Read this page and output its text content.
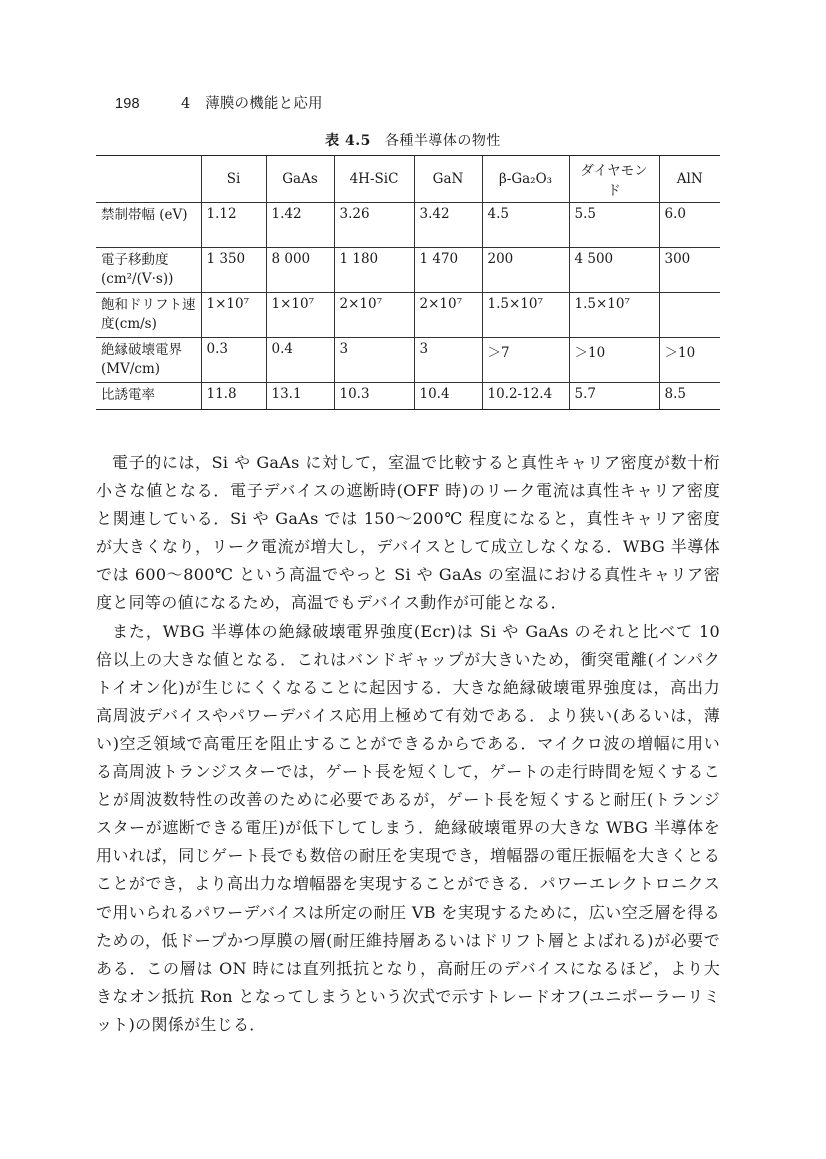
198	4　薄膜の機能と応用
表 4.5 各種半導体の物性
	Si	GaAs	4H-SiC	GaN	β-Ga₂O₃	ダイヤモンド	AlN
禁制帯幅 (eV)	1.12	1.42	3.26	3.42	4.5	5.5	6.0
電子移動度 (cm²/(V·s))	1 350	8 000	1 180	1 470	200	4 500	300
飽和ドリフト速度(cm/s)	1×10⁷	1×10⁷	2×10⁷	2×10⁷	1.5×10⁷	1.5×10⁷	
絶縁破壊電界 (MV/cm)	0.3	0.4	3	3	＞7	＞10	＞10
比誘電率	11.8	13.1	10.3	10.4	10.2-12.4	5.7	8.5

電子的には，Si や GaAs に対して，室温で比較すると真性キャリア密度が数十桁小さな値となる．電子デバイスの遮断時(OFF 時)のリーク電流は真性キャリア密度と関連している．Si や GaAs では 150〜200℃ 程度になると，真性キャリア密度が大きくなり，リーク電流が増大し，デバイスとして成立しなくなる．WBG 半導体では 600〜800℃ という高温でやっと Si や GaAs の室温における真性キャリア密度と同等の値になるため，高温でもデバイス動作が可能となる．

また，WBG 半導体の絶縁破壊電界強度(Ecr)は Si や GaAs のそれと比べて 10 倍以上の大きな値となる．これはバンドギャップが大きいため，衝突電離(インパクトイオン化)が生じにくくなることに起因する．大きな絶縁破壊電界強度は，高出力高周波デバイスやパワーデバイス応用上極めて有効である．より狭い(あるいは，薄い)空乏領域で高電圧を阻止することができるからである．マイクロ波の増幅に用いる高周波トランジスターでは，ゲート長を短くして，ゲートの走行時間を短くすることが周波数特性の改善のために必要であるが，ゲート長を短くすると耐圧(トランジスターが遮断できる電圧)が低下してしまう．絶縁破壊電界の大きな WBG 半導体を用いれば，同じゲート長でも数倍の耐圧を実現でき，増幅器の電圧振幅を大きくとることができ，より高出力な増幅器を実現することができる．パワーエレクトロニクスで用いられるパワーデバイスは所定の耐圧 VB を実現するために，広い空乏層を得るための，低ドープかつ厚膜の層(耐圧維持層あるいはドリフト層とよばれる)が必要である．この層は ON 時には直列抵抗となり，高耐圧のデバイスになるほど，より大きなオン抵抗 Ron となってしまうという次式で示すトレードオフ(ユニポーラーリミット)の関係が生じる．
